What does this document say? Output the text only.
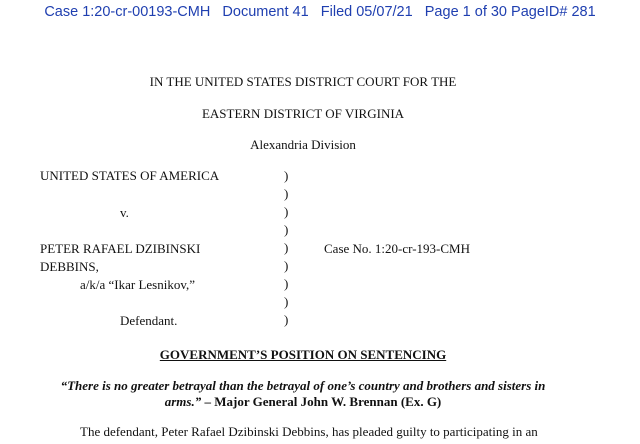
Case 1:20-cr-00193-CMH Document 41 Filed 05/07/21 Page 1 of 30 PageID# 281
IN THE UNITED STATES DISTRICT COURT FOR THE
EASTERN DISTRICT OF VIRGINIA
Alexandria Division
UNITED STATES OF AMERICA
v.
PETER RAFAEL DZIBINSKI
DEBBINS,
a/k/a “Ikar Lesnikov,”
Defendant.
Case No. 1:20-cr-193-CMH
)
)
)
)
)
)
)
)
)
GOVERNMENT’S POSITION ON SENTENCING
“There is no greater betrayal than the betrayal of one’s country and brothers and sisters in
arms.” – Major General John W. Brennan (Ex. G)
The defendant, Peter Rafael Dzibinski Debbins, has pleaded guilty to participating in an
